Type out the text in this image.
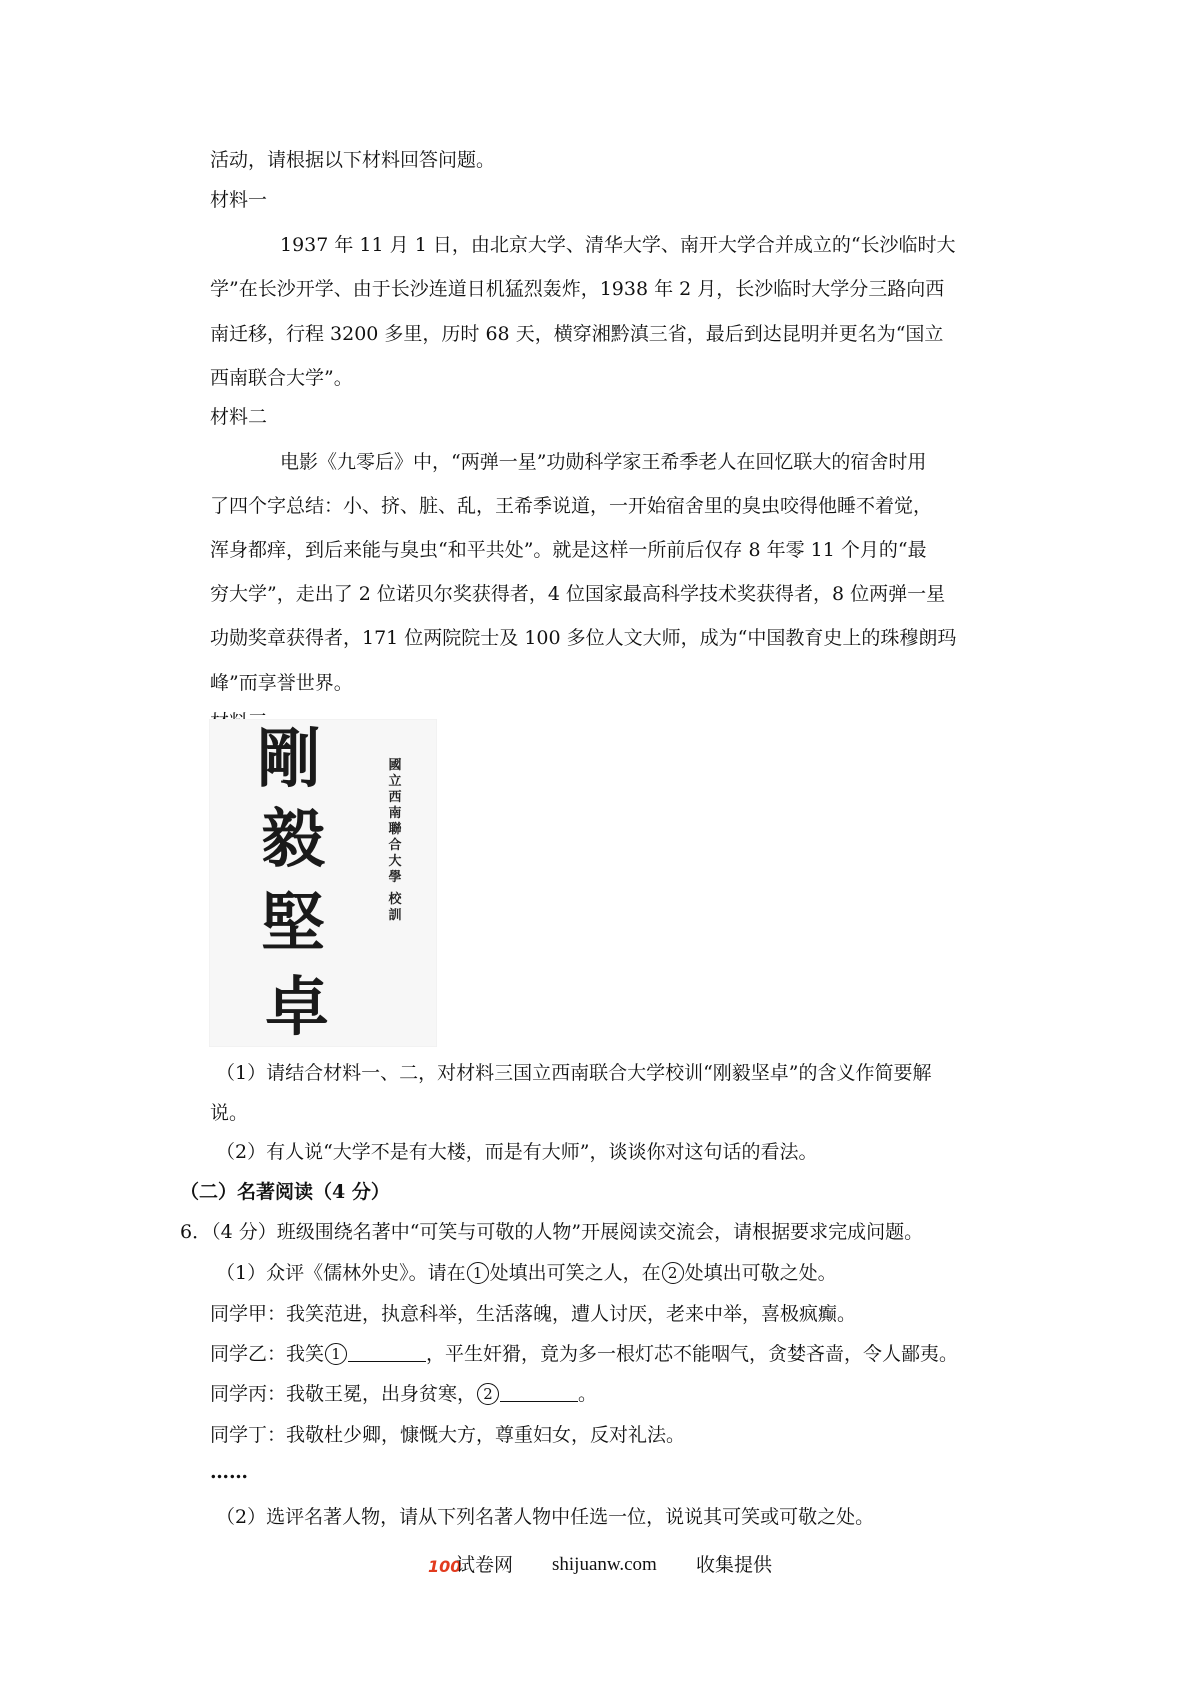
活动，请根据以下材料回答问题。
材料一
1937 年 11 月 1 日，由北京大学、清华大学、南开大学合并成立的“长沙临时大
学”在长沙开学、由于长沙连道日机猛烈轰炸，1938 年 2 月，长沙临时大学分三路向西
南迁移，行程 3200 多里，历时 68 天，横穿湘黔滇三省，最后到达昆明并更名为“国立
西南联合大学”。
材料二
电影《九零后》中，“两弹一星”功勋科学家王希季老人在回忆联大的宿舍时用
了四个字总结：小、挤、脏、乱，王希季说道，一开始宿舍里的臭虫咬得他睡不着觉，
浑身都痒，到后来能与臭虫“和平共处”。就是这样一所前后仅存 8 年零 11 个月的“最
穷大学”，走出了 2 位诺贝尔奖获得者，4 位国家最高科学技术奖获得者，8 位两弹一星
功勋奖章获得者，171 位两院院士及 100 多位人文大师，成为“中国教育史上的珠穆朗玛
峰”而享誉世界。
剛
毅
堅
卓
國
立
西
南
聯
合
大
學
校
訓
（1）请结合材料一、二，对材料三国立西南联合大学校训“刚毅坚卓”的含义作简要解
说。
（2）有人说“大学不是有大楼，而是有大师”，谈谈你对这句话的看法。
（二）名著阅读（4 分）
6．（4 分）班级围绕名著中“可笑与可敬的人物”开展阅读交流会，请根据要求完成问题。
（1）众评《儒林外史》。请在 1 处填出可笑之人，在 2 处填出可敬之处。
同学甲：我笑范进，执意科举，生活落魄，遭人讨厌，老来中举，喜极疯癫。
同学乙：我笑 1	，平生奸猾，竟为多一根灯芯不能咽气，贪婪吝啬，令人鄙夷。
同学丙：我敬王冕，出身贫寒， 2	。
同学丁：我敬杜少卿，慷慨大方，尊重妇女，反对礼法。
……
（2）选评名著人物，请从下列名著人物中任选一位，说说其可笑或可敬之处。
100
试卷网 shijuanw.com 收集提供
